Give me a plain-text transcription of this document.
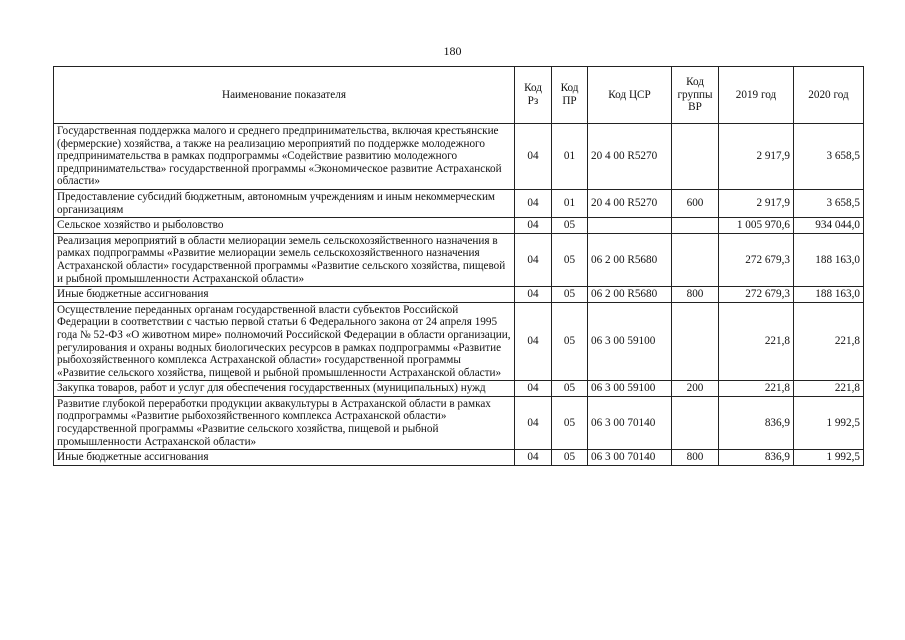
180
Наименование показателя	Код Рз	Код ПР	Код ЦСР	Код группы ВР	2019 год	2020 год
Государственная поддержка малого и среднего предпринимательства, включая крестьянские (фермерские) хозяйства, а также на реализацию мероприятий по поддержке молодежного предпринимательства в рамках подпрограммы «Содействие развитию молодежного предпринимательства» государственной программы «Экономическое развитие Астраханской области»	04	01	20 4 00 R5270		2 917,9	3 658,5
Предоставление субсидий бюджетным, автономным учреждениям и иным некоммерческим организациям	04	01	20 4 00 R5270	600	2 917,9	3 658,5
Сельское хозяйство и рыболовство	04	05			1 005 970,6	934 044,0
Реализация мероприятий в области мелиорации земель сельскохозяйственного назначения в рамках подпрограммы «Развитие мелиорации земель сельскохозяйственного назначения Астраханской области» государственной программы «Развитие сельского хозяйства, пищевой и рыбной промышленности Астраханской области»	04	05	06 2 00 R5680		272 679,3	188 163,0
Иные бюджетные ассигнования	04	05	06 2 00 R5680	800	272 679,3	188 163,0
Осуществление переданных органам государственной власти субъектов Российской Федерации в соответствии с частью первой статьи 6 Федерального закона от 24 апреля 1995 года № 52-ФЗ «О животном мире» полномочий Российской Федерации в области организации, регулирования и охраны водных биологических ресурсов в рамках подпрограммы «Развитие рыбохозяйственного комплекса Астраханской области» государственной программы «Развитие сельского хозяйства, пищевой и рыбной промышленности Астраханской области»	04	05	06 3 00 59100		221,8	221,8
Закупка товаров, работ и услуг для обеспечения государственных (муниципальных) нужд	04	05	06 3 00 59100	200	221,8	221,8
Развитие глубокой переработки продукции аквакультуры в Астраханской области в рамках подпрограммы «Развитие рыбохозяйственного комплекса Астраханской области» государственной программы «Развитие сельского хозяйства, пищевой и рыбной промышленности Астраханской области»	04	05	06 3 00 70140		836,9	1 992,5
Иные бюджетные ассигнования	04	05	06 3 00 70140	800	836,9	1 992,5
